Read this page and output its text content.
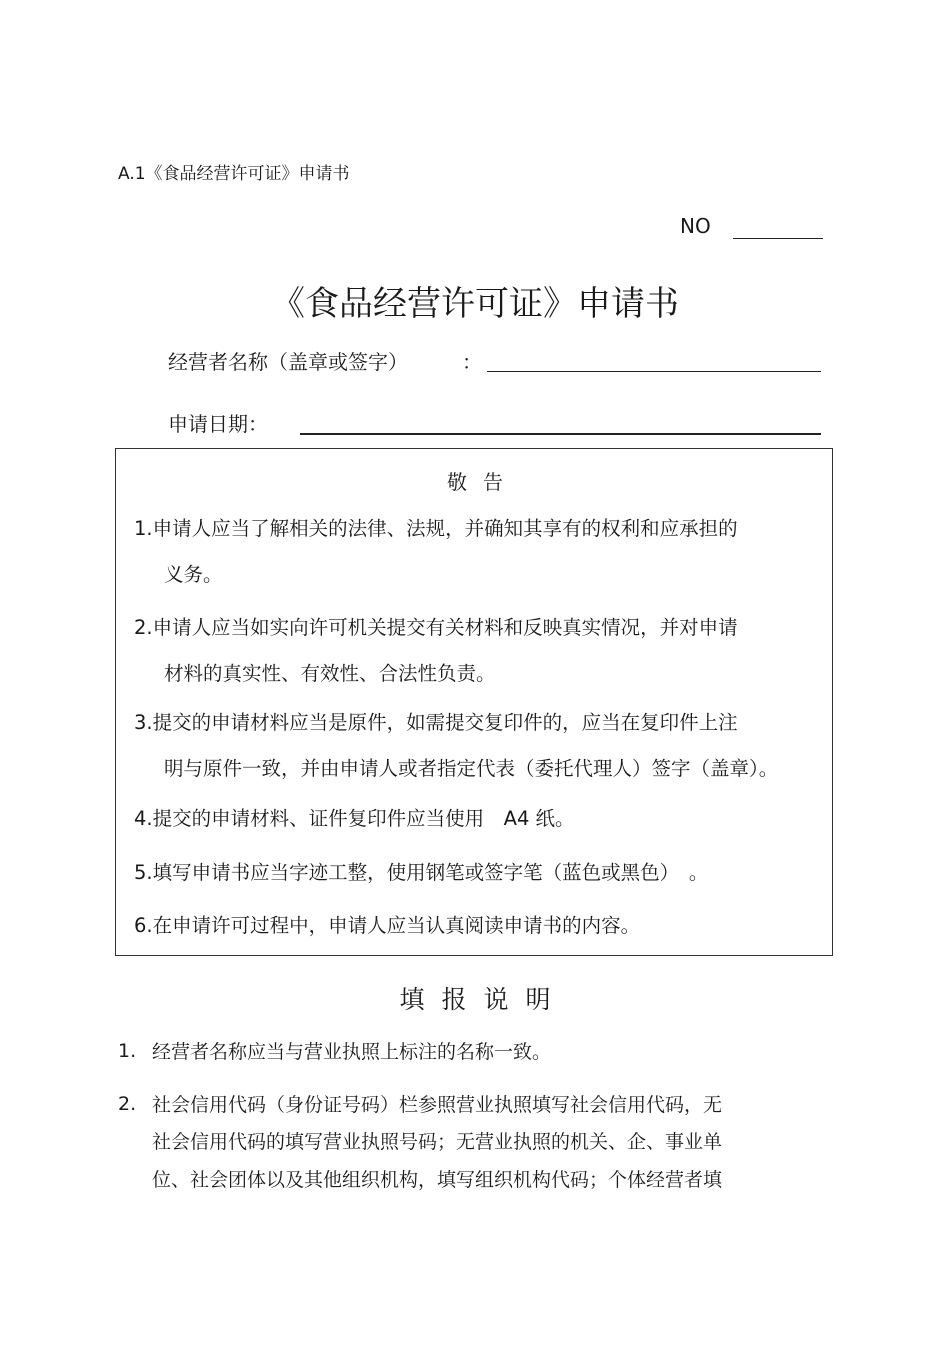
A.1《食品经营许可证》申请书
NO
《食品经营许可证》申请书
经营者名称（盖章或签字）	：
申请日期：
敬告
1.申请人应当了解相关的法律、法规，并确知其享有的权利和应承担的
义务。
2.申请人应当如实向许可机关提交有关材料和反映真实情况，并对申请
材料的真实性、有效性、合法性负责。
3.提交的申请材料应当是原件，如需提交复印件的，应当在复印件上注
明与原件一致，并由申请人或者指定代表（委托代理人）签字（盖章）。
4.提交的申请材料、证件复印件应当使用　A4 纸。
5.填写申请书应当字迹工整，使用钢笔或签字笔（蓝色或黑色）　。
6.在申请许可过程中，申请人应当认真阅读申请书的内容。
填报说明
1. 经营者名称应当与营业执照上标注的名称一致。
2. 社会信用代码（身份证号码）栏参照营业执照填写社会信用代码，无
社会信用代码的填写营业执照号码；无营业执照的机关、企、事业单
位、社会团体以及其他组织机构，填写组织机构代码；个体经营者填
